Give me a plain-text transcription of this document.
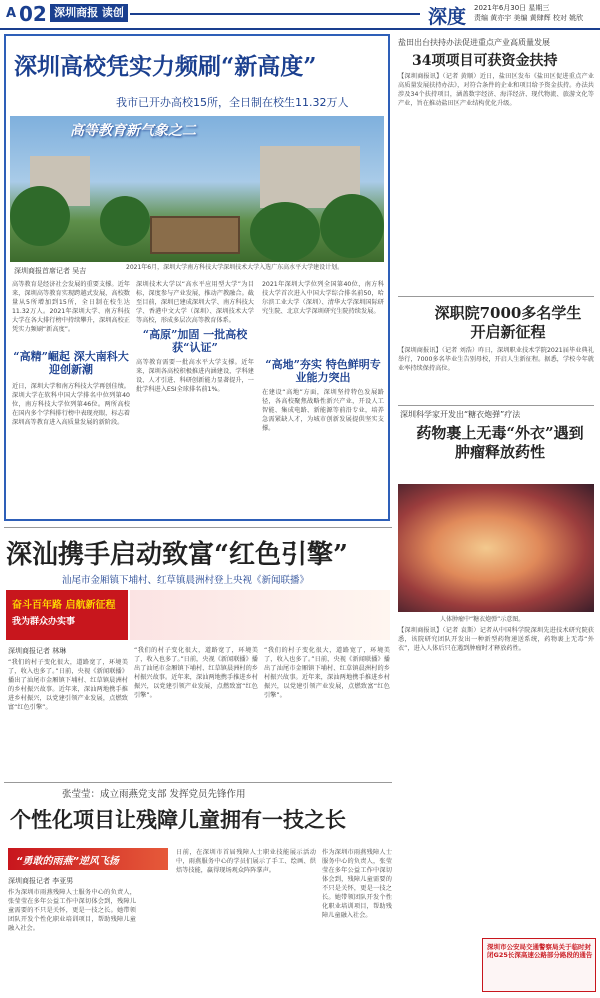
A 02 深圳商报 读创	深度 2021年6月30日 星期三
责编 黄亦宇 美编 黄肆辉 校对 姚欣
深圳高校凭实力频刷“新高度”
我市已开办高校15所，全日制在校生11.32万人
高等教育新气象之二
深圳商报首席记者 吴吉	2021年6月，深圳大学南方科技大学深圳技术大学入选广东高水平大学建设计划。
高等教育是经济社会发展的重要支撑。近年来，深圳高等教育实现跨越式发展，高校数量从5所增加到15所，全日制在校生达11.32万人。2021年深圳大学、南方科技大学在各大排行榜中持续攀升，深圳高校正凭实力频刷“新高度”。
“高精”崛起 深大南科大迎创新潮
近日，深圳大学和南方科技大学再创佳绩。深圳大学在软科中国大学排名中位列第40位，南方科技大学位列第46位。两所高校在国内多个学科排行榜中表现亮眼，标志着深圳高等教育进入高质量发展的新阶段。
深圳技术大学以“高水平应用型大学”为目标，深度参与产业发展，推动产教融合。截至目前，深圳已建成深圳大学、南方科技大学、香港中文大学（深圳）、深圳技术大学等高校，形成多层次高等教育体系。
“高原”加固 一批高校获“认证”
高等教育需要一批高水平大学支撑。近年来，深圳各高校积极推进内涵建设，学科建设、人才引进、科研创新能力显著提升，一批学科进入ESI全球排名前1%。
2021年深圳大学位列全国第40位，南方科技大学首次进入中国大学综合排名前50，哈尔滨工业大学（深圳）、清华大学深圳国际研究生院、北京大学深圳研究生院持续发展。
“高地”夯实 特色鲜明专业能力突出
在建设“高地”方面，深圳坚持特色发展路径，各高校聚焦战略性新兴产业，开设人工智能、集成电路、新能源等前沿专业，培养急需紧缺人才，为城市创新发展提供坚实支撑。
盐田出台扶持办法促进重点产业高质量发展
34项项目可获资金扶持
【深圳商报讯】（记者 黄顺）近日，盐田区发布《盐田区促进重点产业高质量发展扶持办法》，对符合条件的企业和项目给予资金扶持。办法共涉及34个扶持项目，涵盖数字经济、海洋经济、现代物流、旅游文化等产业，旨在推动盐田区产业结构优化升级。
深职院7000多名学生开启新征程
【深圳商报讯】（记者 刘浩）昨日，深圳职业技术学院2021届毕业典礼举行，7000多名毕业生告别母校，开启人生新征程。据悉，学校今年就业率持续保持高位。
深圳科学家开发出“糖衣炮弹”疗法
药物裹上无毒“外衣”遇到肿瘤释放药性
人体肿瘤中“糖衣炮弹”示意图。
【深圳商报讯】（记者 袁斯）记者从中国科学院深圳先进技术研究院获悉，该院研究团队开发出一种新型药物递送系统，药物裹上无毒“外衣”，进入人体后只在遇到肿瘤时才释放药性。
深圳市公安局交通警察局关于临时封闭G25长深高速公路部分路段的通告
深汕携手启动致富“红色引擎”
汕尾市金厢镇下埔村、红草镇晨洲村登上央视《新闻联播》
奋斗百年路 启航新征程
我为群众办实事
深圳商报记者 林琳
“我们的村子变化很大，道路宽了，环境美了，收入也多了。”日前，央视《新闻联播》播出了汕尾市金厢镇下埔村、红草镇晨洲村的乡村振兴故事。近年来，深汕两地携手推进乡村振兴，以党建引领产业发展，点燃致富“红色引擎”。
“我们的村子变化很大，道路宽了，环境美了，收入也多了。”日前，央视《新闻联播》播出了汕尾市金厢镇下埔村、红草镇晨洲村的乡村振兴故事。近年来，深汕两地携手推进乡村振兴，以党建引领产业发展，点燃致富“红色引擎”。
“我们的村子变化很大，道路宽了，环境美了，收入也多了。”日前，央视《新闻联播》播出了汕尾市金厢镇下埔村、红草镇晨洲村的乡村振兴故事。近年来，深汕两地携手推进乡村振兴，以党建引领产业发展，点燃致富“红色引擎”。
张莹莹：成立雨燕党支部 发挥党员先锋作用
个性化项目让残障儿童拥有一技之长
“勇敢的雨燕”逆风飞扬
深圳商报记者 李亚男
作为深圳市雨燕残障人士服务中心的负责人，张莹莹在多年公益工作中深切体会到，残障儿童需要的不只是关怀，更是一技之长。她带领团队开发个性化职业培训项目，帮助残障儿童融入社会。
日前，在深圳市首届残障人士职业技能展示活动中，雨燕服务中心的学员们展示了手工、绘画、烘焙等技能，赢得现场观众阵阵掌声。
作为深圳市雨燕残障人士服务中心的负责人，张莹莹在多年公益工作中深切体会到，残障儿童需要的不只是关怀，更是一技之长。她带领团队开发个性化职业培训项目，帮助残障儿童融入社会。
